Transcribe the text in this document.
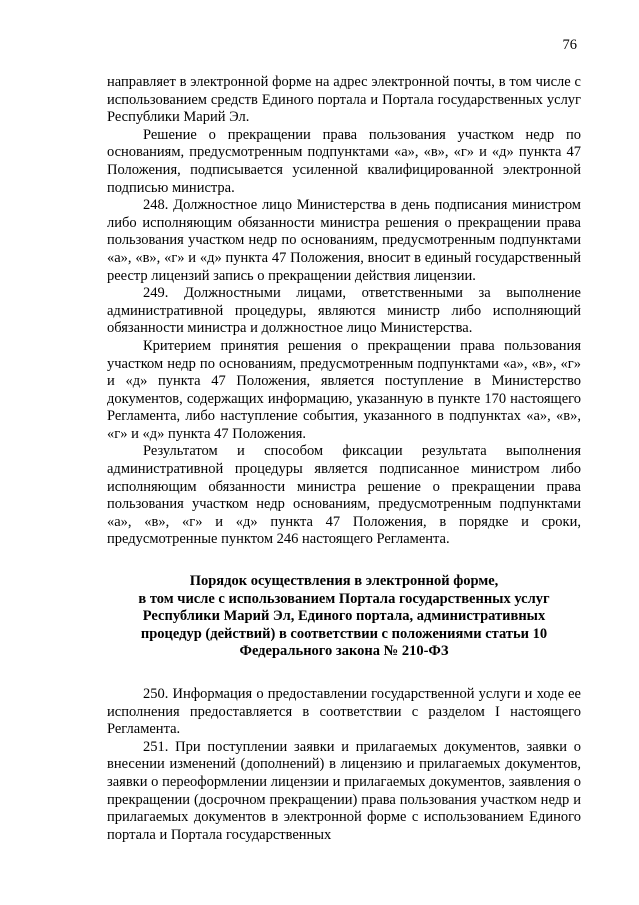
76

направляет в электронной форме на адрес электронной почты, в том числе с использованием средств Единого портала и Портала государственных услуг Республики Марий Эл.

Решение о прекращении права пользования участком недр по основаниям, предусмотренным подпунктами «а», «в», «г» и «д» пункта 47 Положения, подписывается усиленной квалифицированной электронной подписью министра.

248. Должностное лицо Министерства в день подписания министром либо исполняющим обязанности министра решения о прекращении права пользования участком недр по основаниям, предусмотренным подпунктами «а», «в», «г» и «д» пункта 47 Положения, вносит в единый государственный реестр лицензий запись о прекращении действия лицензии.

249. Должностными лицами, ответственными за выполнение административной процедуры, являются министр либо исполняющий обязанности министра и должностное лицо Министерства.

Критерием принятия решения о прекращении права пользования участком недр по основаниям, предусмотренным подпунктами «а», «в», «г» и «д» пункта 47 Положения, является поступление в Министерство документов, содержащих информацию, указанную в пункте 170 настоящего Регламента, либо наступление события, указанного в подпунктах «а», «в», «г» и «д» пункта 47 Положения.

Результатом и способом фиксации результата выполнения административной процедуры является подписанное министром либо исполняющим обязанности министра решение о прекращении права пользования участком недр основаниям, предусмотренным подпунктами «а», «в», «г» и «д» пункта 47 Положения, в порядке и сроки, предусмотренные пунктом 246 настоящего Регламента.

Порядок осуществления в электронной форме,
в том числе с использованием Портала государственных услуг
Республики Марий Эл, Единого портала, административных
процедур (действий) в соответствии с положениями статьи 10
Федерального закона № 210-ФЗ

250. Информация о предоставлении государственной услуги и ходе ее исполнения предоставляется в соответствии с разделом I настоящего Регламента.

251. При поступлении заявки и прилагаемых документов, заявки о внесении изменений (дополнений) в лицензию и прилагаемых документов, заявки о переоформлении лицензии и прилагаемых документов, заявления о прекращении (досрочном прекращении) права пользования участком недр и прилагаемых документов в электронной форме с использованием Единого портала и Портала государственных
